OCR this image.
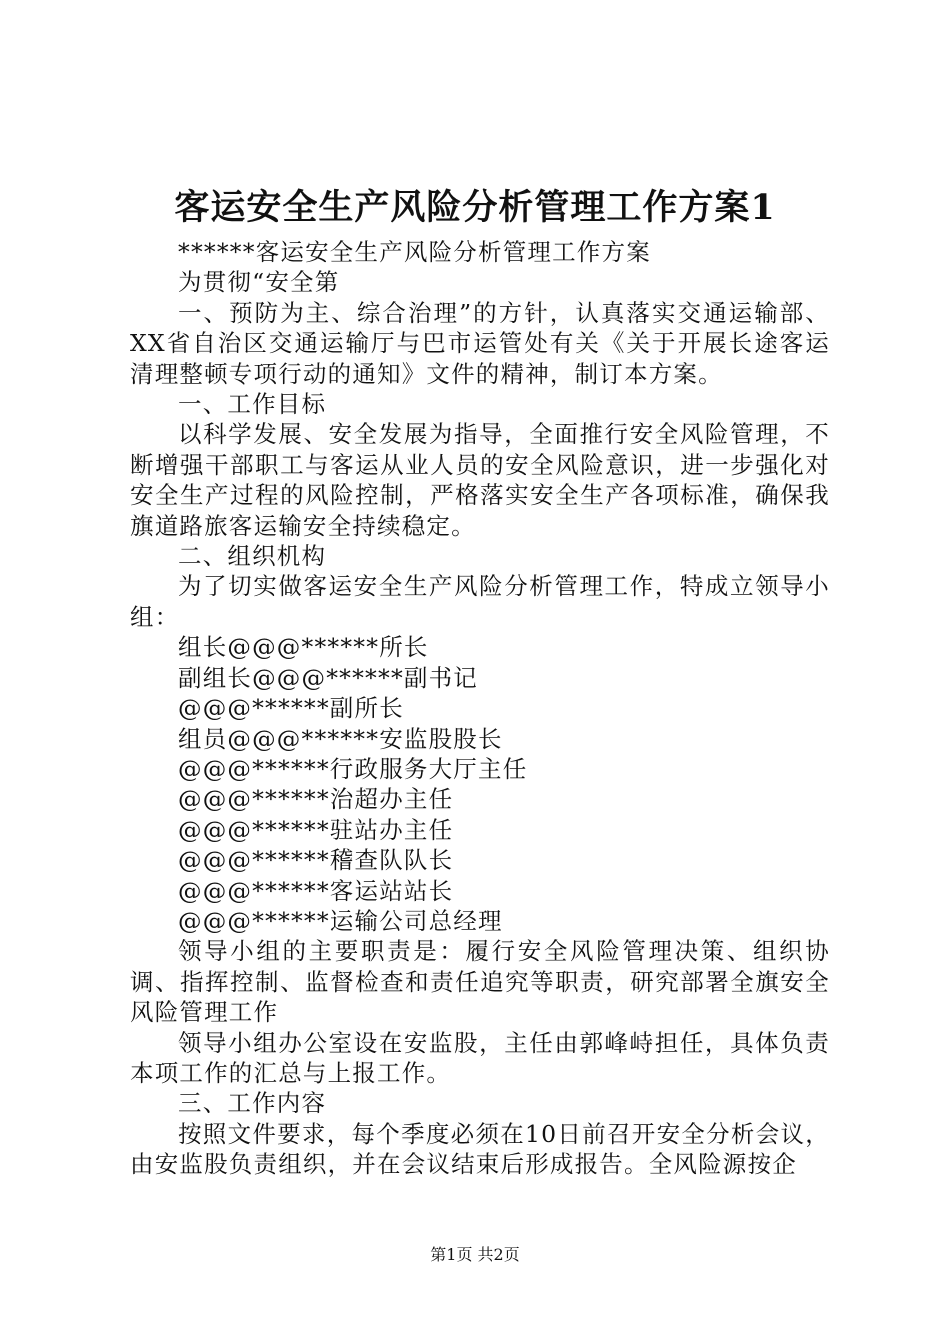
客运安全生产风险分析管理工作方案1

******客运安全生产风险分析管理工作方案

为贯彻“安全第

一、预防为主、综合治理”的方针，认真落实交通运输部、XX省自治区交通运输厅与巴市运管处有关《关于开展长途客运清理整顿专项行动的通知》文件的精神，制订本方案。

一、工作目标

以科学发展、安全发展为指导，全面推行安全风险管理，不断增强干部职工与客运从业人员的安全风险意识，进一步强化对安全生产过程的风险控制，严格落实安全生产各项标准，确保我旗道路旅客运输安全持续稳定。

二、组织机构

为了切实做客运安全生产风险分析管理工作，特成立领导小组：

组长@@@******所长

副组长@@@******副书记

@@@******副所长

组员@@@******安监股股长

@@@******行政服务大厅主任

@@@******治超办主任

@@@******驻站办主任

@@@******稽查队队长

@@@******客运站站长

@@@******运输公司总经理

领导小组的主要职责是：履行安全风险管理决策、组织协调、指挥控制、监督检查和责任追究等职责，研究部署全旗安全风险管理工作

领导小组办公室设在安监股，主任由郭峰峙担任，具体负责本项工作的汇总与上报工作。

三、工作内容

按照文件要求，每个季度必须在10日前召开安全分析会议，由安监股负责组织，并在会议结束后形成报告。全风险源按企

第1页 共2页
